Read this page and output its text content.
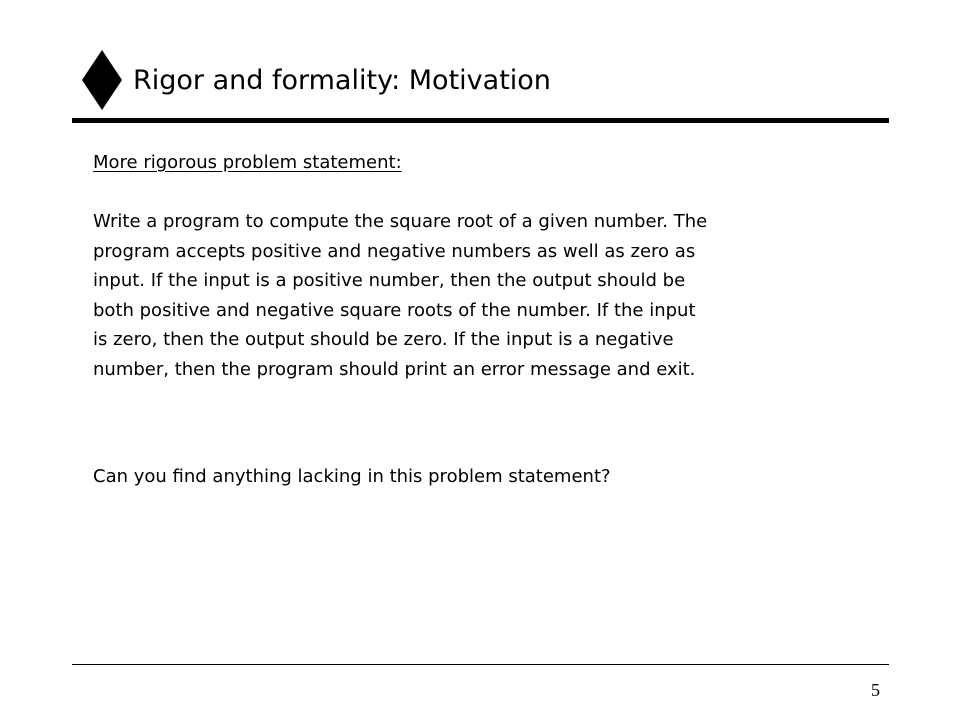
Rigor and formality: Motivation

More rigorous problem statement:

Write a program to compute the square root of a given number. The
program accepts positive and negative numbers as well as zero as
input. If the input is a positive number, then the output should be
both positive and negative square roots of the number. If the input
is zero, then the output should be zero. If the input is a negative
number, then the program should print an error message and exit.

Can you find anything lacking in this problem statement?

5
